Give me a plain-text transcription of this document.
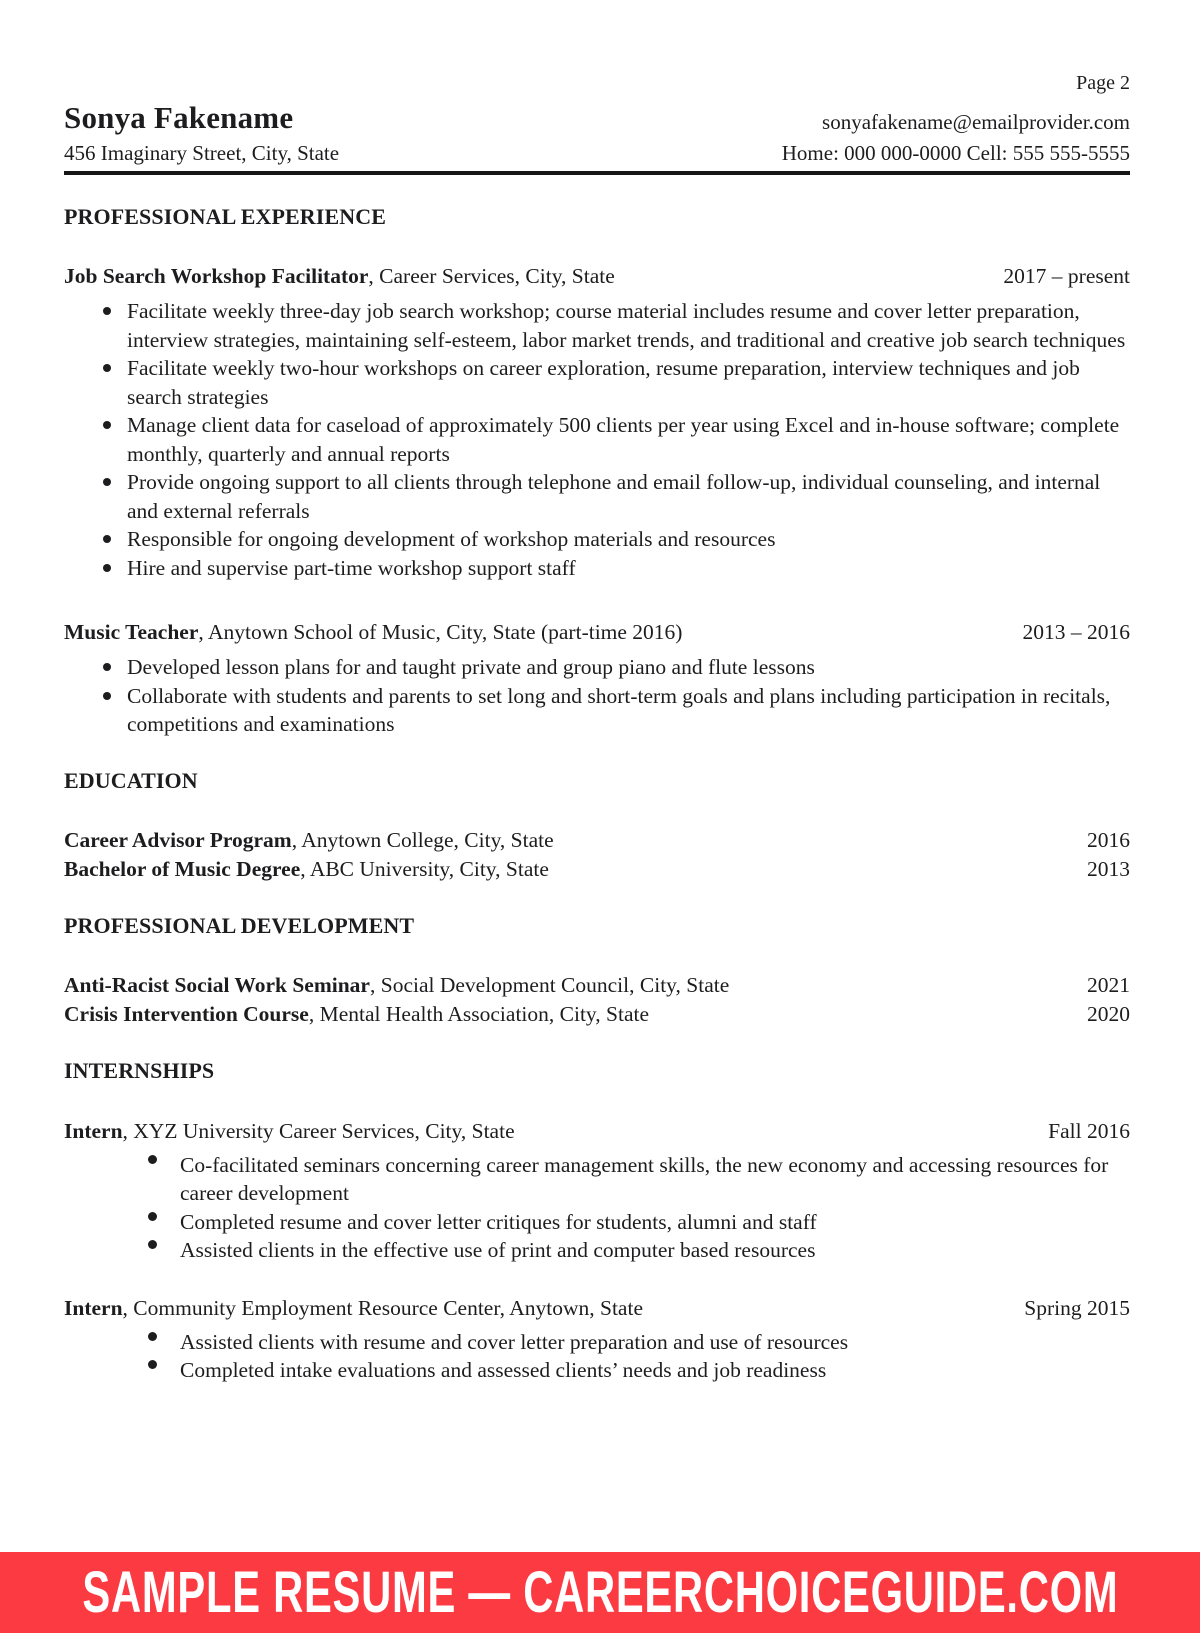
Page 2
Sonya Fakename	sonyafakename@emailprovider.com
456 Imaginary Street, City, State	Home: 000 000-0000 Cell: 555 555-5555
PROFESSIONAL EXPERIENCE
Job Search Workshop Facilitator, Career Services, City, State	2017 – present
Facilitate weekly three-day job search workshop; course material includes resume and cover letter preparation, interview strategies, maintaining self-esteem, labor market trends, and traditional and creative job search techniques
Facilitate weekly two-hour workshops on career exploration, resume preparation, interview techniques and job search strategies
Manage client data for caseload of approximately 500 clients per year using Excel and in-house software; complete monthly, quarterly and annual reports
Provide ongoing support to all clients through telephone and email follow-up, individual counseling, and internal and external referrals
Responsible for ongoing development of workshop materials and resources
Hire and supervise part-time workshop support staff
Music Teacher, Anytown School of Music, City, State (part-time 2016)	2013 – 2016
Developed lesson plans for and taught private and group piano and flute lessons
Collaborate with students and parents to set long and short-term goals and plans including participation in recitals, competitions and examinations
EDUCATION
Career Advisor Program, Anytown College, City, State	2016
Bachelor of Music Degree, ABC University, City, State	2013
PROFESSIONAL DEVELOPMENT
Anti-Racist Social Work Seminar, Social Development Council, City, State	2021
Crisis Intervention Course, Mental Health Association, City, State	2020
INTERNSHIPS
Intern, XYZ University Career Services, City, State	Fall 2016
Co-facilitated seminars concerning career management skills, the new economy and accessing resources for career development
Completed resume and cover letter critiques for students, alumni and staff
Assisted clients in the effective use of print and computer based resources
Intern, Community Employment Resource Center, Anytown, State	Spring 2015
Assisted clients with resume and cover letter preparation and use of resources
Completed intake evaluations and assessed clients’ needs and job readiness
SAMPLE RESUME — CAREERCHOICEGUIDE.COM
